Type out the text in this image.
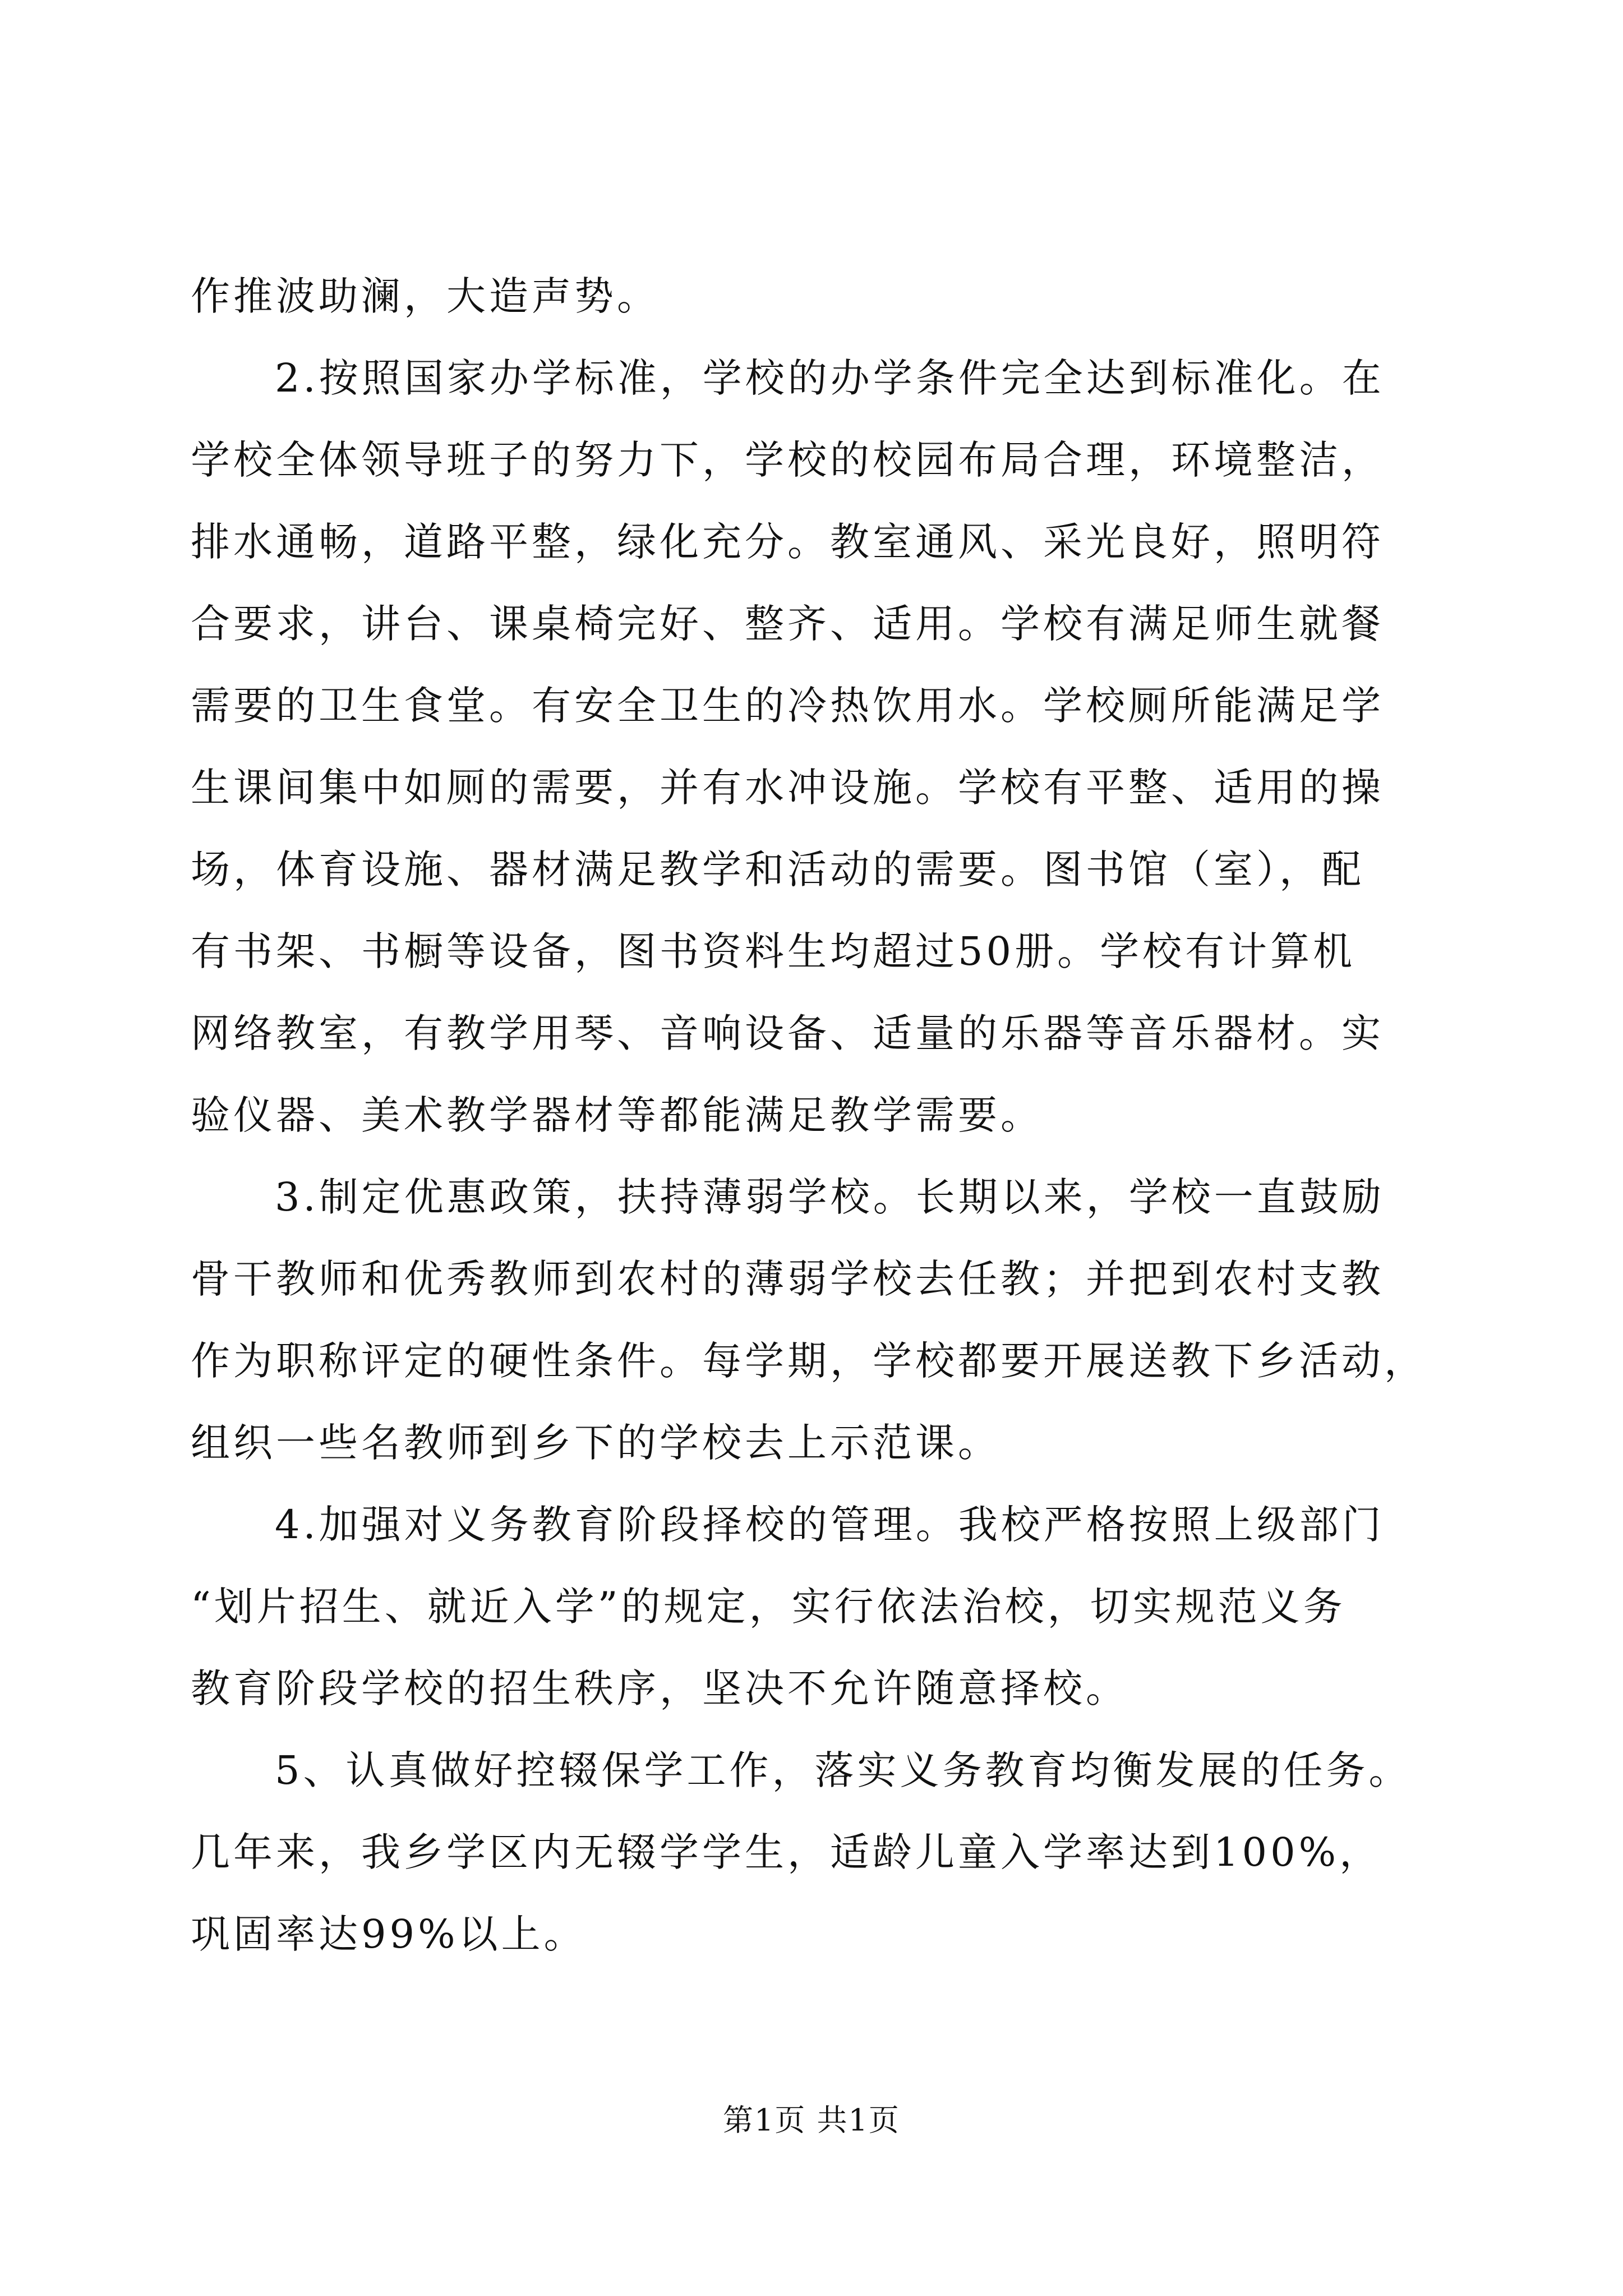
作推波助澜，大造声势。
2.按照国家办学标准，学校的办学条件完全达到标准化。在
学校全体领导班子的努力下，学校的校园布局合理，环境整洁，
排水通畅，道路平整，绿化充分。教室通风、采光良好，照明符
合要求，讲台、课桌椅完好、整齐、适用。学校有满足师生就餐
需要的卫生食堂。有安全卫生的冷热饮用水。学校厕所能满足学
生课间集中如厕的需要，并有水冲设施。学校有平整、适用的操
场，体育设施、器材满足教学和活动的需要。图书馆（室），配
有书架、书橱等设备，图书资料生均超过50册。学校有计算机
网络教室，有教学用琴、音响设备、适量的乐器等音乐器材。实
验仪器、美术教学器材等都能满足教学需要。
3.制定优惠政策，扶持薄弱学校。长期以来，学校一直鼓励
骨干教师和优秀教师到农村的薄弱学校去任教；并把到农村支教
作为职称评定的硬性条件。每学期，学校都要开展送教下乡活动，
组织一些名教师到乡下的学校去上示范课。
4.加强对义务教育阶段择校的管理。我校严格按照上级部门
“划片招生、就近入学”的规定，实行依法治校，切实规范义务
教育阶段学校的招生秩序，坚决不允许随意择校。
5、认真做好控辍保学工作，落实义务教育均衡发展的任务。
几年来，我乡学区内无辍学学生，适龄儿童入学率达到100%，
巩固率达99%以上。
第1页 共1页
